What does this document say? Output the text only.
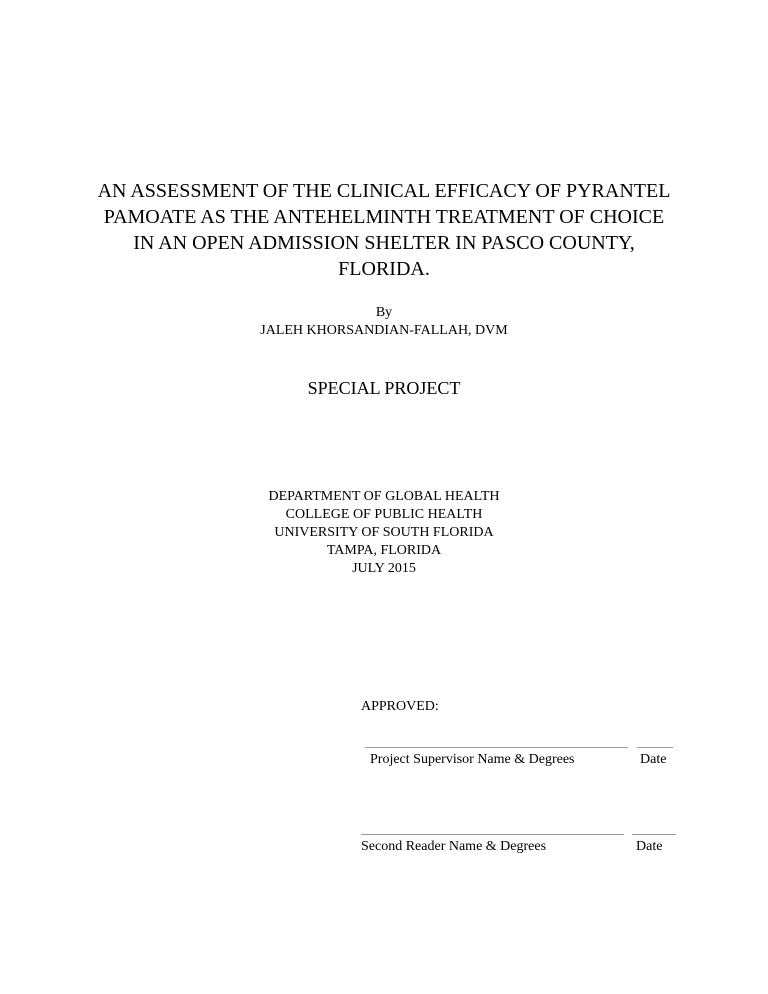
AN ASSESSMENT OF THE CLINICAL EFFICACY OF PYRANTEL
PAMOATE AS THE ANTEHELMINTH TREATMENT OF CHOICE
IN AN OPEN ADMISSION SHELTER IN PASCO COUNTY,
FLORIDA.
By
JALEH KHORSANDIAN-FALLAH, DVM
SPECIAL PROJECT
DEPARTMENT OF GLOBAL HEALTH
COLLEGE OF PUBLIC HEALTH
UNIVERSITY OF SOUTH FLORIDA
TAMPA, FLORIDA
JULY 2015
APPROVED:
Project Supervisor Name & Degrees	Date
Second Reader Name & Degrees	Date
